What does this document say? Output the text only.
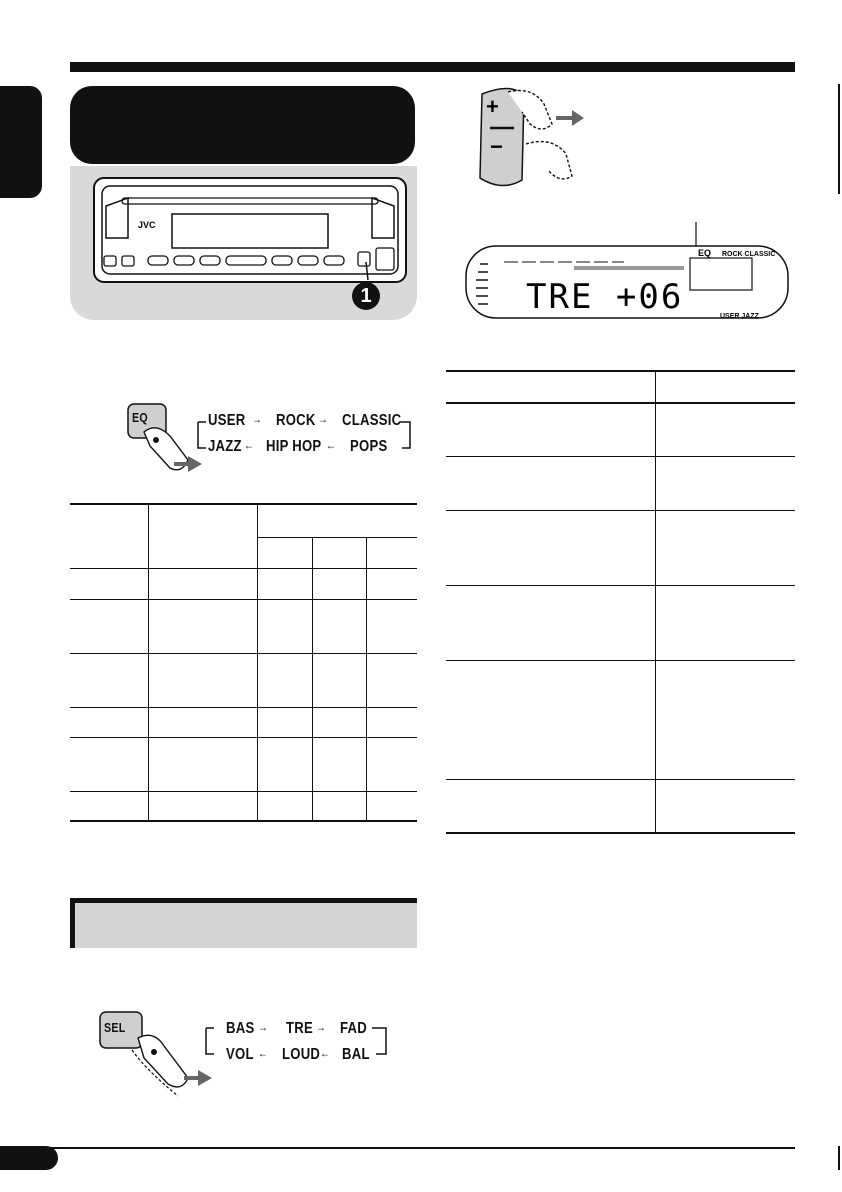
JVC
1
+
−
TRE +06
EQ ROCK CLASSIC
USER JAZZ
EQ	USER → ROCK → CLASSIC
JAZZ ← HIP HOP ← POPS
SEL	BAS → TRE → FAD
VOL ← LOUD ← BAL
